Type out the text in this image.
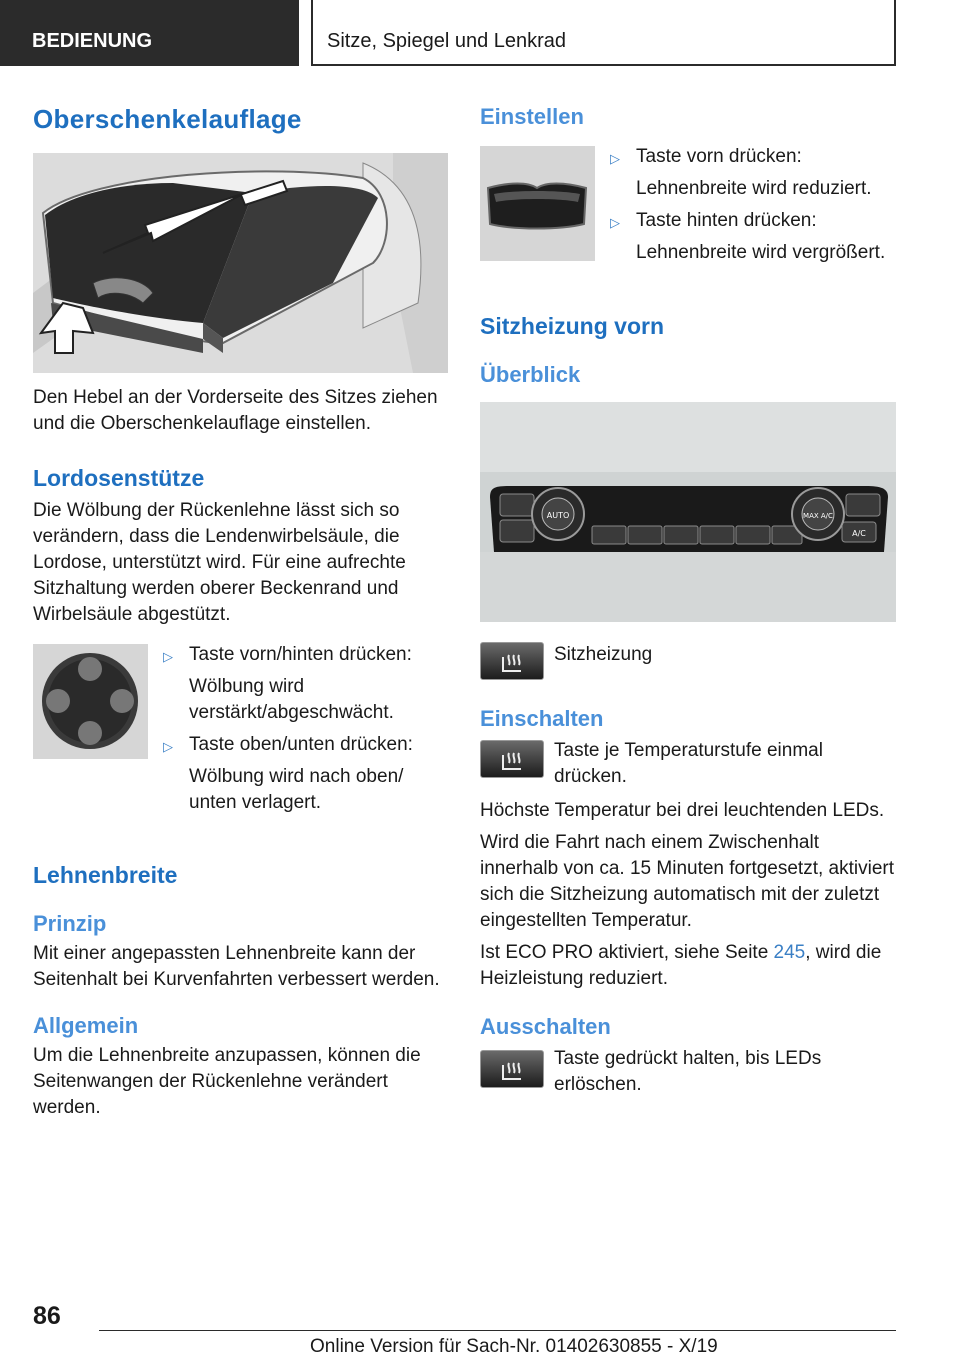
BEDIENUNG	Sitze, Spiegel und Lenkrad
Oberschenkelauflage

Den Hebel an der Vorderseite des Sitzes ziehen und die Oberschenkelauflage einstellen.

Lordosenstütze

Die Wölbung der Rückenlehne lässt sich so verändern, dass die Lendenwirbelsäule, die Lordose, unterstützt wird. Für eine aufrechte Sitzhaltung werden oberer Beckenrand und Wirbelsäule abgestützt.

▷ Taste vorn/hinten drücken:
Wölbung wird verstärkt/abgeschwächt.
▷ Taste oben/unten drücken:
Wölbung wird nach oben/ unten verlagert.
Lehnenbreite
Prinzip

Mit einer angepassten Lehnenbreite kann der Seitenhalt bei Kurvenfahrten verbessert werden.

Allgemein

Um die Lehnenbreite anzupassen, können die Seitenwangen der Rückenlehne verändert werden.

Einstellen
▷ Taste vorn drücken:
Lehnenbreite wird reduziert.
▷ Taste hinten drücken:
Lehnenbreite wird vergrößert.
Sitzheizung vorn
Überblick
AUTO	MAX A/C
A/C
Sitzheizung
Einschalten
Taste je Temperaturstufe einmal drücken.

Höchste Temperatur bei drei leuchtenden LEDs.

Wird die Fahrt nach einem Zwischenhalt innerhalb von ca. 15 Minuten fortgesetzt, aktiviert sich die Sitzheizung automatisch mit der zuletzt eingestellten Temperatur.

Ist ECO PRO aktiviert, siehe Seite 245, wird die Heizleistung reduziert.

Ausschalten
Taste gedrückt halten, bis LEDs erlöschen.
86
Online Version für Sach-Nr. 01402630855 - X/19
